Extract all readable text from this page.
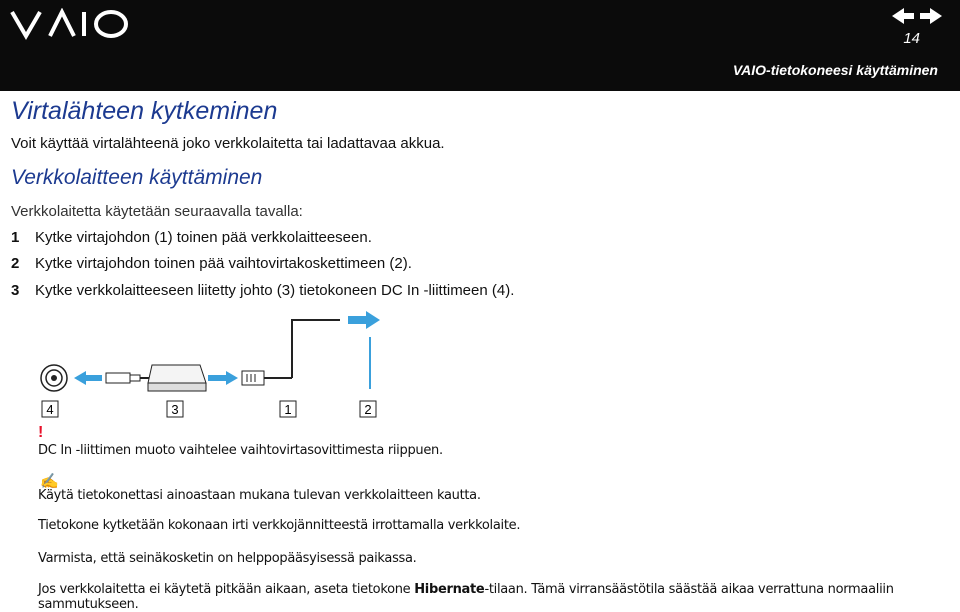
14
VAIO-tietokoneesi käyttäminen
Virtalähteen kytkeminen
Voit käyttää virtalähteenä joko verkkolaitetta tai ladattavaa akkua.
Verkkolaitteen käyttäminen
Verkkolaitetta käytetään seuraavalla tavalla:
1 Kytke virtajohdon (1) toinen pää verkkolaitteeseen.
2 Kytke virtajohdon toinen pää vaihtovirtakoskettimeen (2).
3 Kytke verkkolaitteeseen liitetty johto (3) tietokoneen DC In -liittimeen (4).
4	3	1	2
!
DC In -liittimen muoto vaihtelee vaihtovirtasovittimesta riippuen.
✍
Käytä tietokonettasi ainoastaan mukana tulevan verkkolaitteen kautta.
Tietokone kytketään kokonaan irti verkkojännitteestä irrottamalla verkkolaite.
Varmista, että seinäkosketin on helppopääsyisessä paikassa.
Jos verkkolaitetta ei käytetä pitkään aikaan, aseta tietokone Hibernate-tilaan. Tämä virransäästötila säästää aikaa verrattuna normaaliin sammutukseen.
